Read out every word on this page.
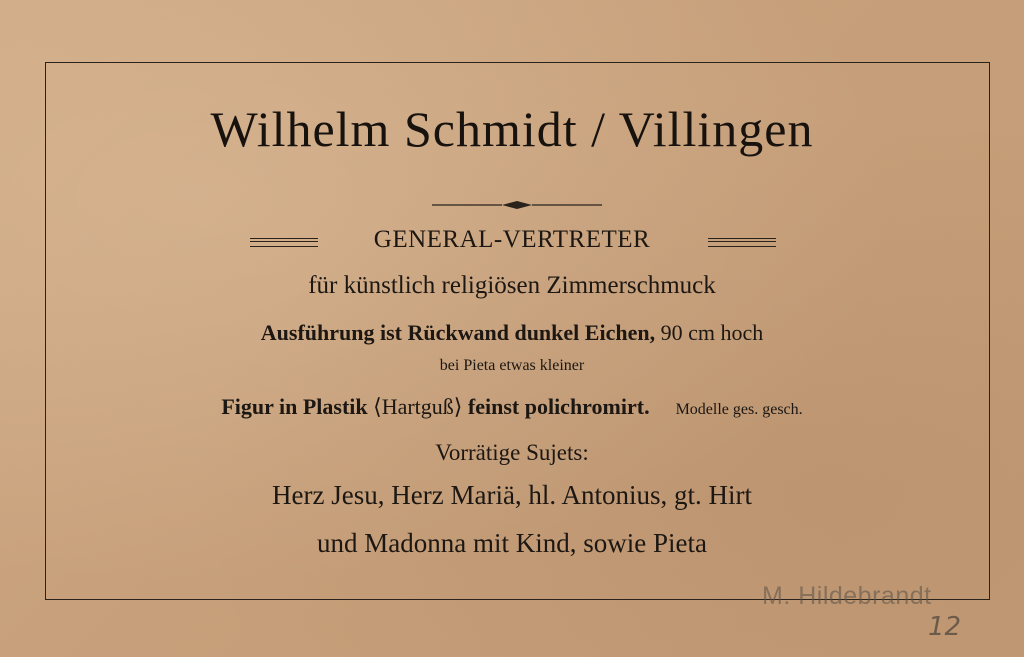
Wilhelm Schmidt / Villingen
GENERAL-VERTRETER
für künstlich religiösen Zimmerschmuck
Ausführung ist Rückwand dunkel Eichen, 90 cm hoch
bei Pieta etwas kleiner
Figur in Plastik ⟨Hartguß⟩ feinst polichromirt. Modelle ges. gesch.
Vorrätige Sujets:
Herz Jesu, Herz Mariä, hl. Antonius, gt. Hirt
und Madonna mit Kind, sowie Pieta
M. Hildebrandt
12
